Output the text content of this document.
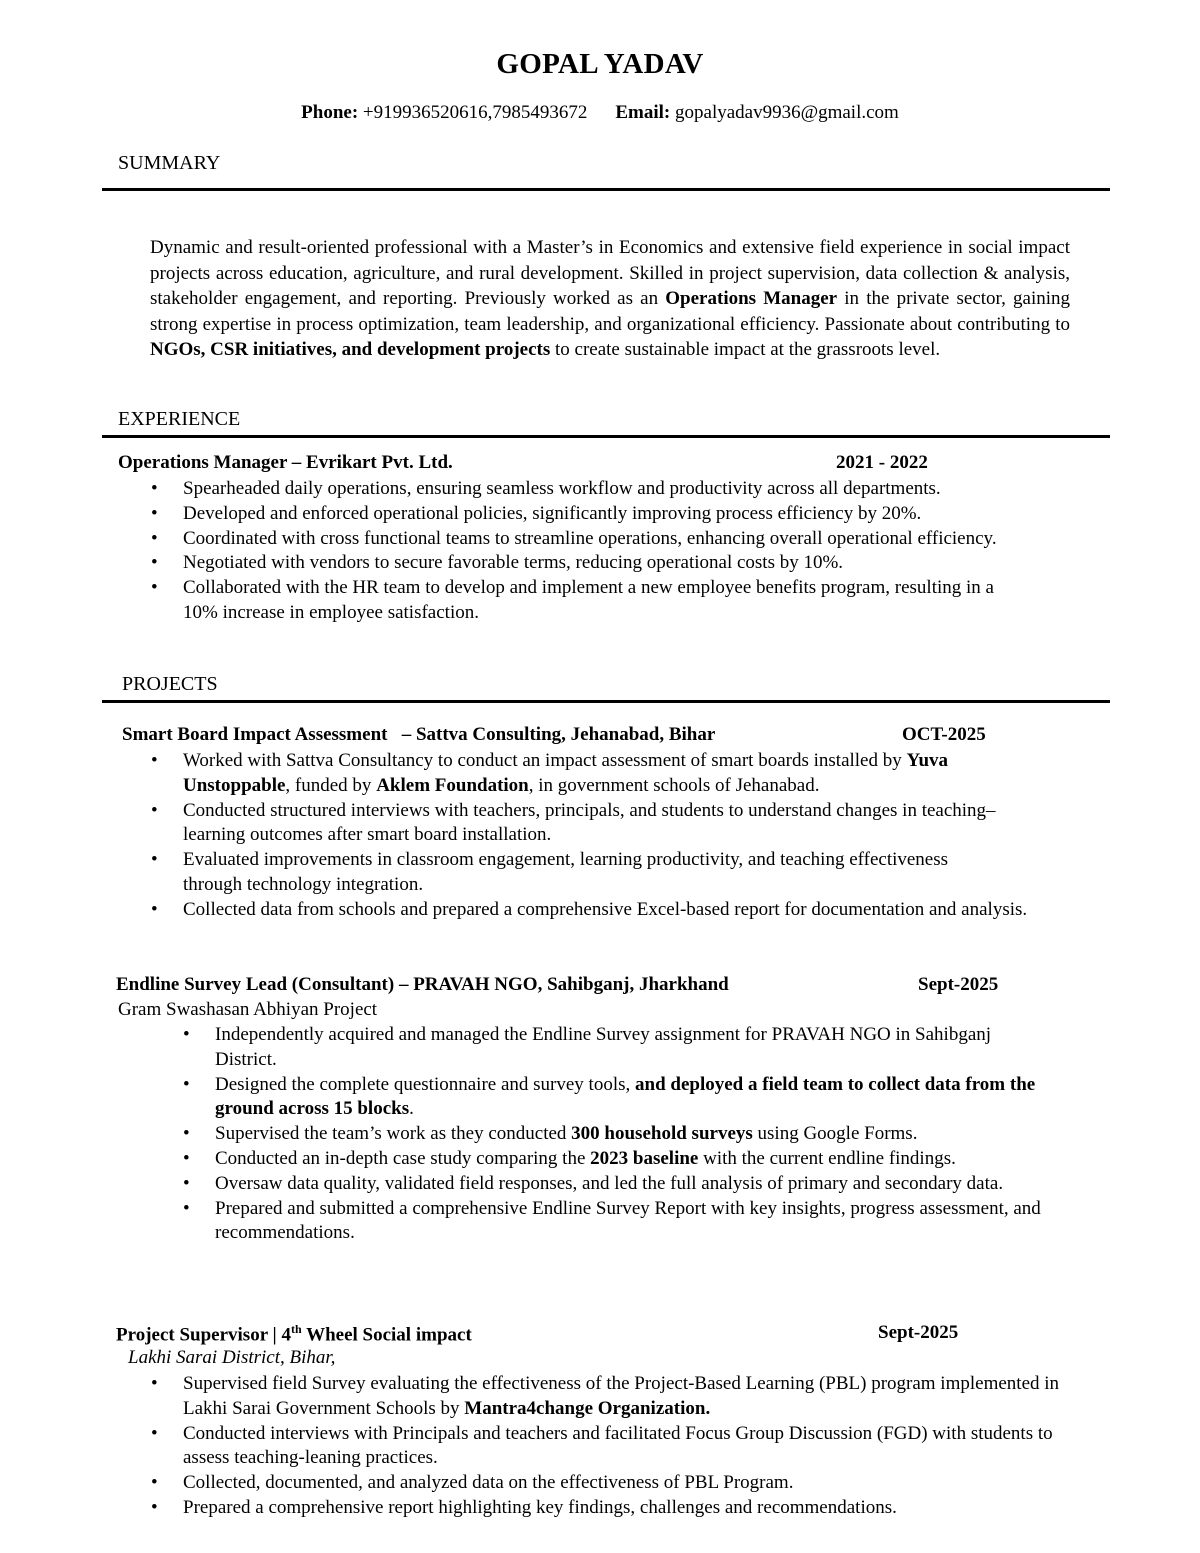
GOPAL YADAV
Phone: +919936520616,7985493672 Email: gopalyadav9936@gmail.com
SUMMARY
Dynamic and result-oriented professional with a Master’s in Economics and extensive field experience in social impact projects across education, agriculture, and rural development. Skilled in project supervision, data collection & analysis, stakeholder engagement, and reporting. Previously worked as an Operations Manager in the private sector, gaining strong expertise in process optimization, team leadership, and organizational efficiency. Passionate about contributing to NGOs, CSR initiatives, and development projects to create sustainable impact at the grassroots level.
EXPERIENCE
Operations Manager – Evrikart Pvt. Ltd.	2021 - 2022
• Spearheaded daily operations, ensuring seamless workflow and productivity across all departments.
• Developed and enforced operational policies, significantly improving process efficiency by 20%.
• Coordinated with cross functional teams to streamline operations, enhancing overall operational efficiency.
• Negotiated with vendors to secure favorable terms, reducing operational costs by 10%.
• Collaborated with the HR team to develop and implement a new employee benefits program, resulting in a 10% increase in employee satisfaction.
PROJECTS
Smart Board Impact Assessment   – Sattva Consulting, Jehanabad, Bihar	OCT-2025
• Worked with Sattva Consultancy to conduct an impact assessment of smart boards installed by Yuva Unstoppable, funded by Aklem Foundation, in government schools of Jehanabad.
• Conducted structured interviews with teachers, principals, and students to understand changes in teaching–learning outcomes after smart board installation.
• Evaluated improvements in classroom engagement, learning productivity, and teaching effectiveness through technology integration.
• Collected data from schools and prepared a comprehensive Excel-based report for documentation and analysis.
Endline Survey Lead (Consultant) – PRAVAH NGO, Sahibganj, Jharkhand	Sept-2025
Gram Swashasan Abhiyan Project
• Independently acquired and managed the Endline Survey assignment for PRAVAH NGO in Sahibganj District.
• Designed the complete questionnaire and survey tools, and deployed a field team to collect data from the ground across 15 blocks.
• Supervised the team’s work as they conducted 300 household surveys using Google Forms.
• Conducted an in-depth case study comparing the 2023 baseline with the current endline findings.
• Oversaw data quality, validated field responses, and led the full analysis of primary and secondary data.
• Prepared and submitted a comprehensive Endline Survey Report with key insights, progress assessment, and recommendations.
Project Supervisor | 4th Wheel Social impact	Sept-2025
Lakhi Sarai District, Bihar,
• Supervised field Survey evaluating the effectiveness of the Project-Based Learning (PBL) program implemented in Lakhi Sarai Government Schools by Mantra4change Organization.
• Conducted interviews with Principals and teachers and facilitated Focus Group Discussion (FGD) with students to assess teaching-leaning practices.
• Collected, documented, and analyzed data on the effectiveness of PBL Program.
• Prepared a comprehensive report highlighting key findings, challenges and recommendations.
